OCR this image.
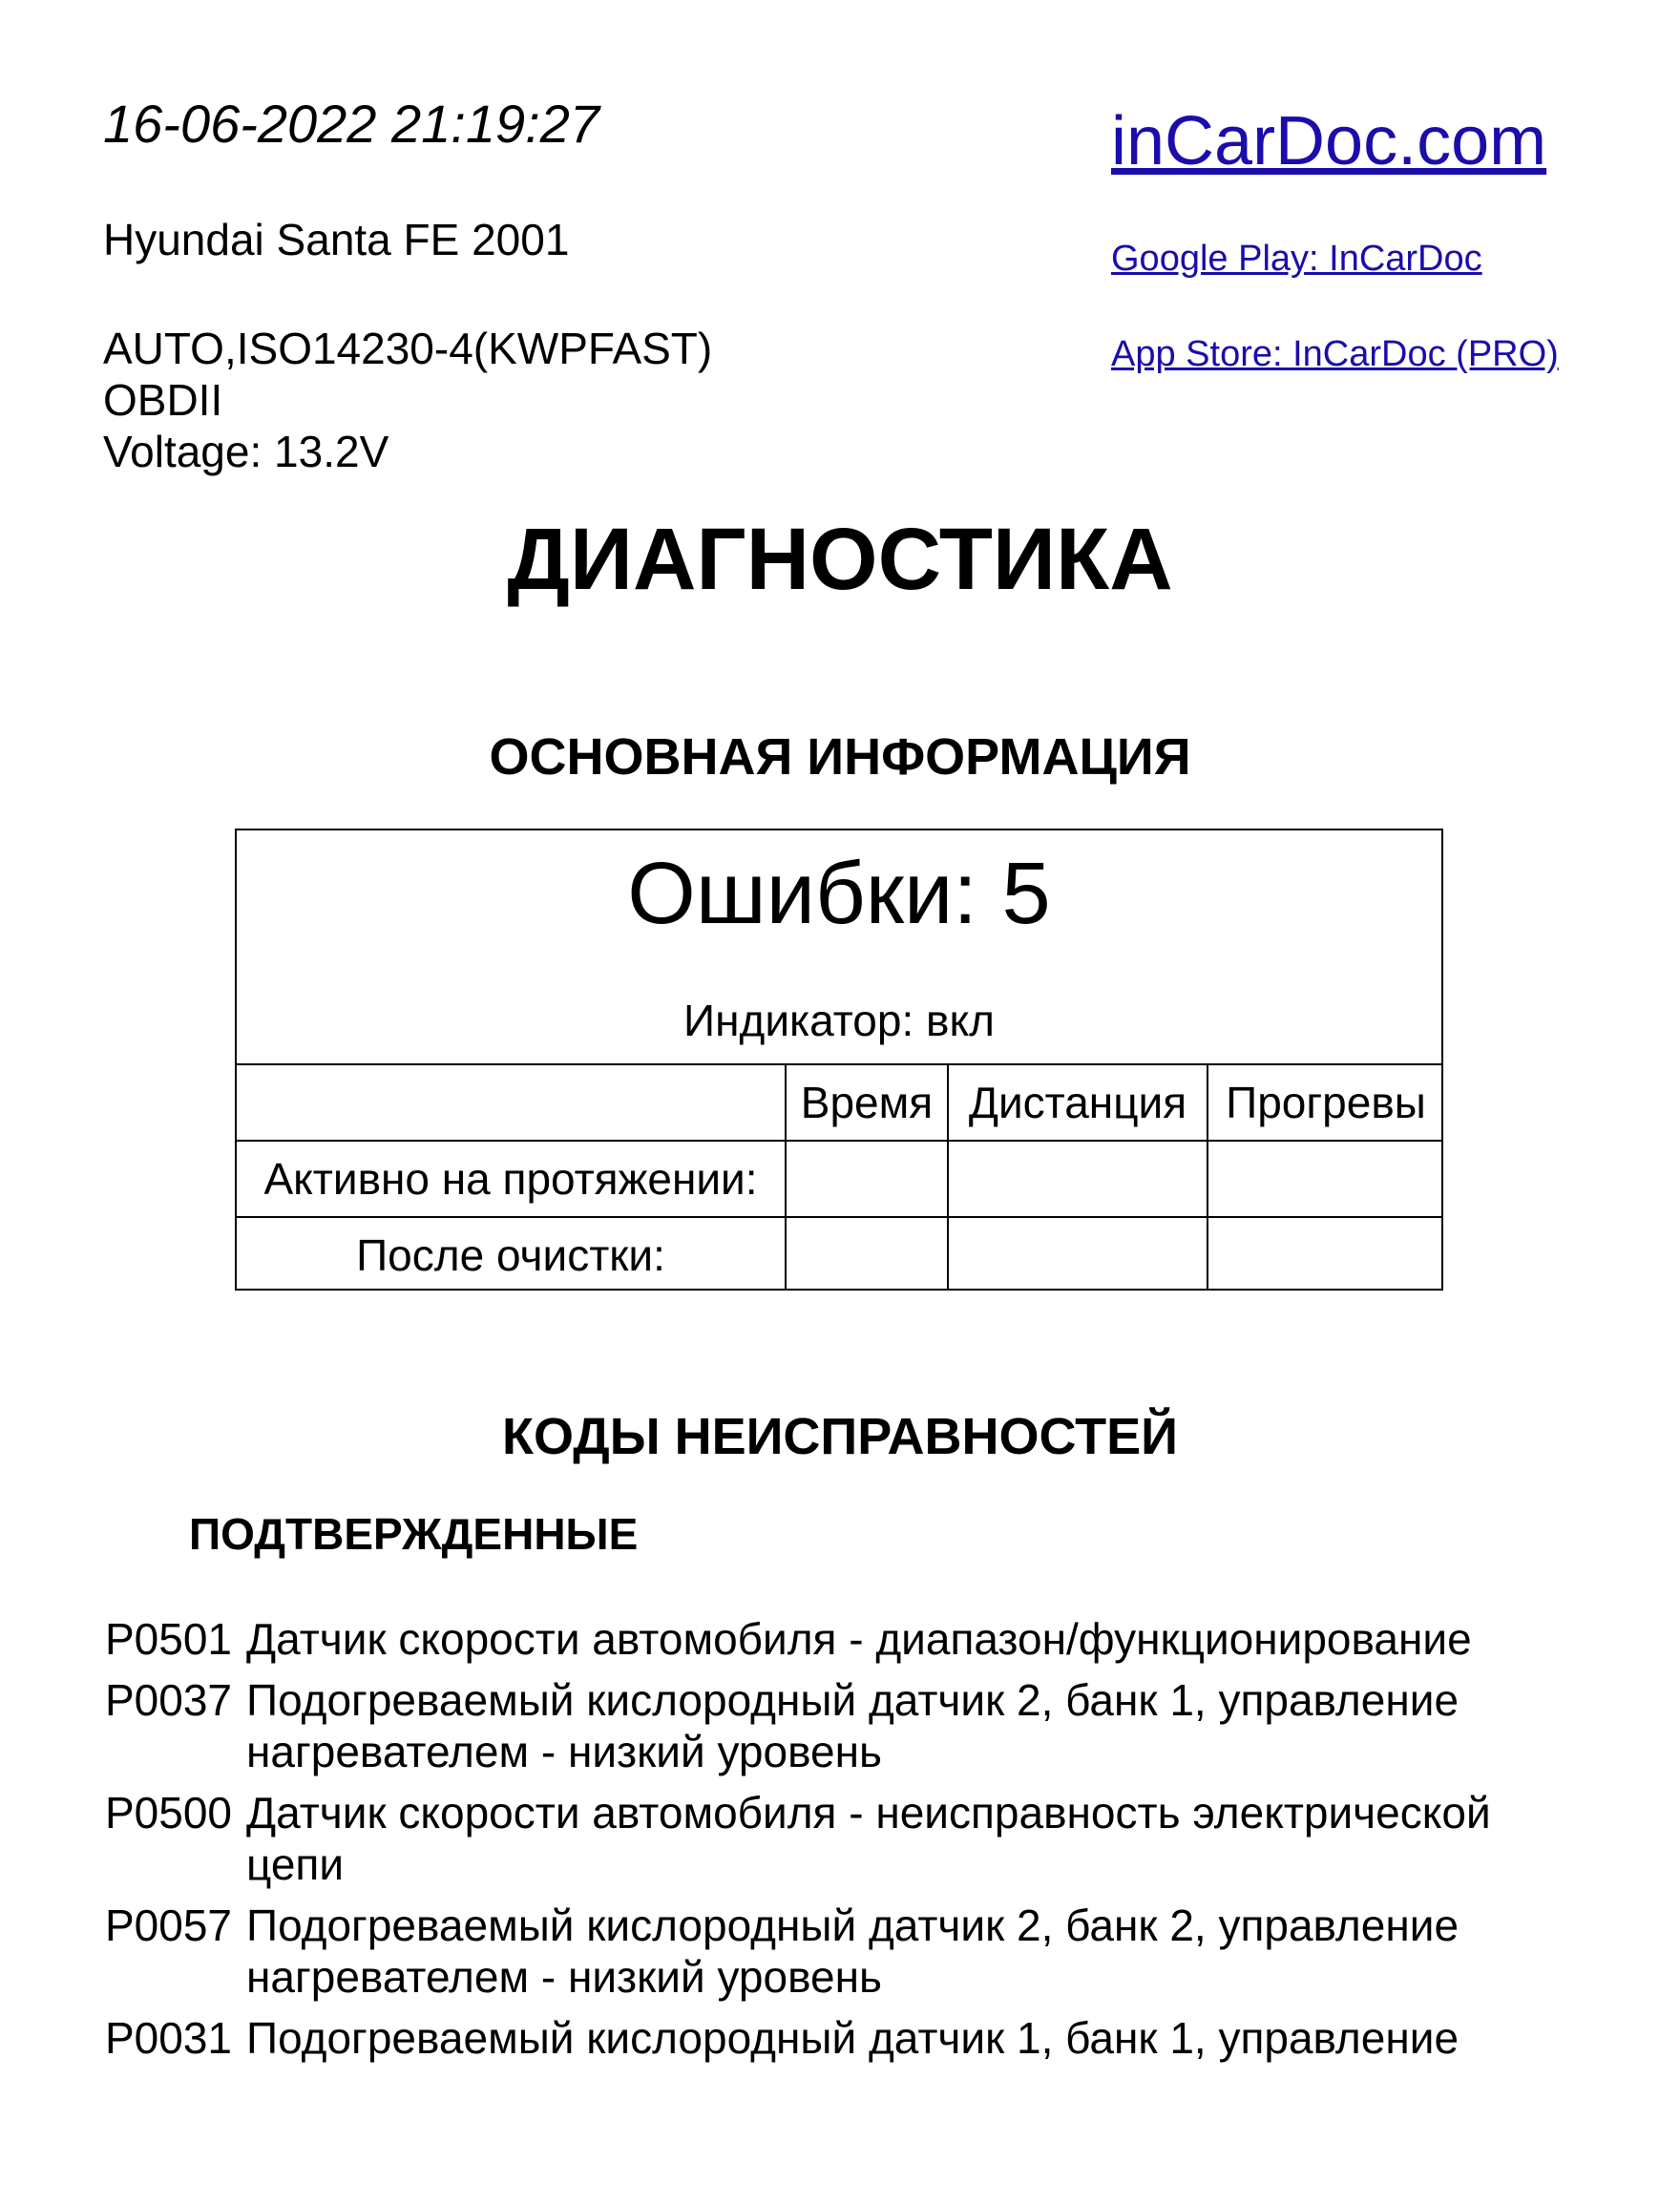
16-06-2022 21:19:27
Hyundai Santa FE 2001
AUTO,ISO14230-4(KWPFAST)
OBDII
Voltage: 13.2V
inCarDoc.com
Google Play: InCarDoc
App Store: InCarDoc (PRO)
ДИАГНОСТИКА
ОСНОВНАЯ ИНФОРМАЦИЯ
Ошибки: 5
Индикатор: вкл
Время Дистанция Прогревы
Активно на протяжении:
После очистки:
КОДЫ НЕИСПРАВНОСТЕЙ
ПОДТВЕРЖДЕННЫЕ
P0501 Датчик скорости автомобиля - диапазон/функционирование
P0037 Подогреваемый кислородный датчик 2, банк 1, управление нагревателем - низкий уровень
P0500 Датчик скорости автомобиля - неисправность электрической цепи
P0057 Подогреваемый кислородный датчик 2, банк 2, управление нагревателем - низкий уровень
P0031 Подогреваемый кислородный датчик 1, банк 1, управление
